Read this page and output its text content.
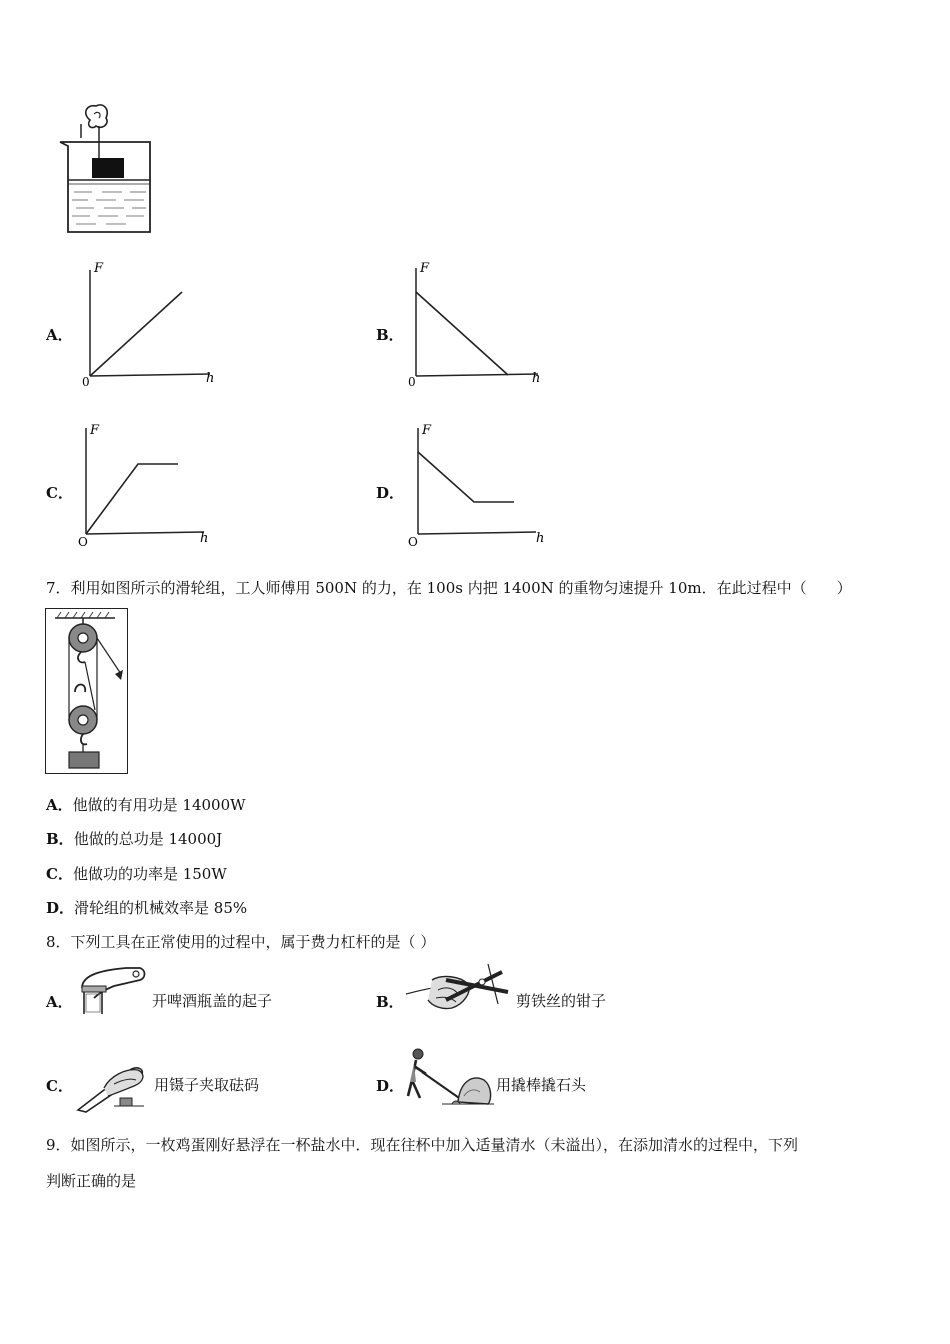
A．
F
h
0
B．
F
h
0
C．
F
h
O
D．
F
h
O
7．利用如图所示的滑轮组，工人师傅用 500N 的力，在 100s 内把 1400N 的重物匀速提升 10m．在此过程中（　　）
A．他做的有用功是 14000W
B．他做的总功是 14000J
C．他做功的功率是 150W
D．滑轮组的机械效率是 85%
8．下列工具在正常使用的过程中，属于费力杠杆的是（ ）
A．	开啤酒瓶盖的起子	B．	剪铁丝的钳子
C．	用镊子夹取砝码	D．	用撬棒撬石头
9．如图所示，一枚鸡蛋刚好悬浮在一杯盐水中．现在往杯中加入适量清水（未溢出），在添加清水的过程中，下列
判断正确的是
